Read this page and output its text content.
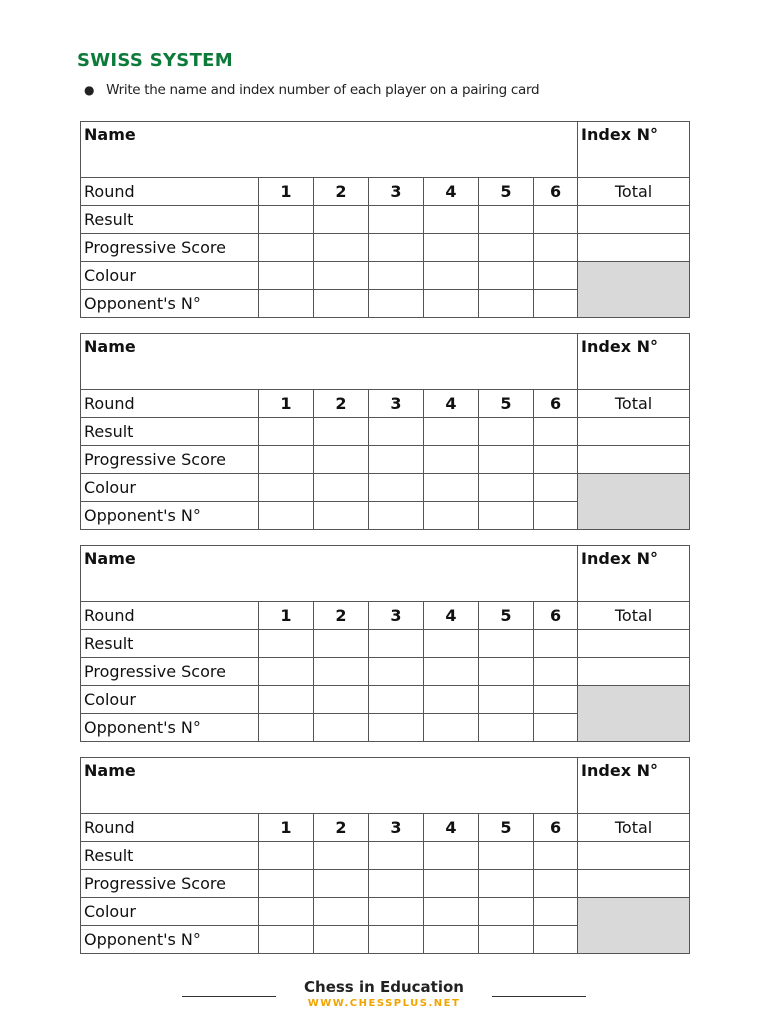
SWISS SYSTEM
● Write the name and index number of each player on a pairing card
Name							Index N°
Round	1	2	3	4	5	6	Total
Result							
Progressive Score							
Colour							
Opponent's N°							
Name							Index N°
Round	1	2	3	4	5	6	Total
Result							
Progressive Score							
Colour							
Opponent's N°							
Name							Index N°
Round	1	2	3	4	5	6	Total
Result							
Progressive Score							
Colour							
Opponent's N°							
Name							Index N°
Round	1	2	3	4	5	6	Total
Result							
Progressive Score							
Colour							
Opponent's N°							
Chess in Education
WWW.CHESSPLUS.NET
